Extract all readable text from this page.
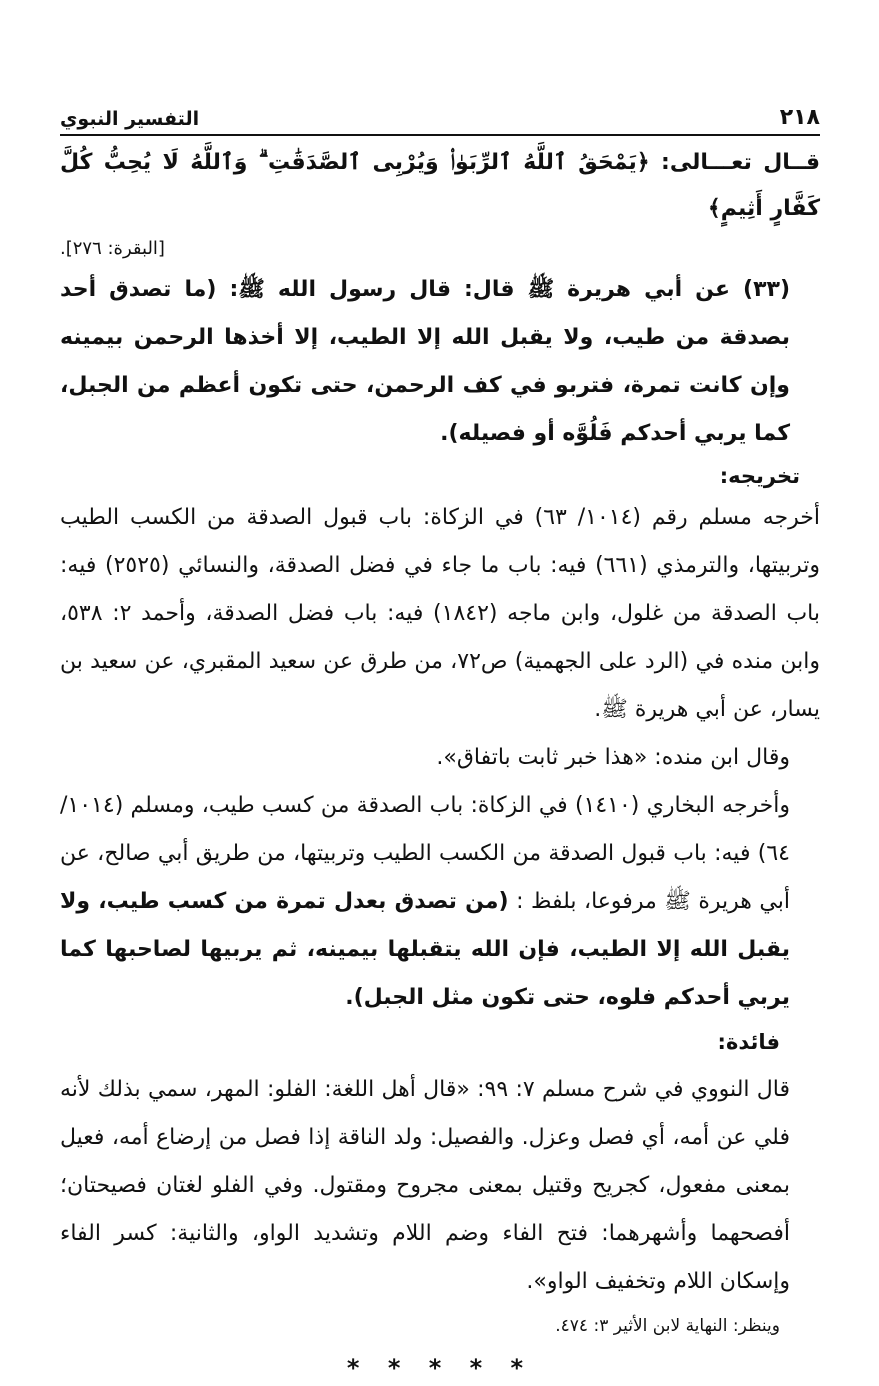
٢١٨
التفسير النبوي

قــال تعـــالى: ﴿يَمْحَقُ ٱللَّهُ ٱلرِّبَوٰا۟ وَيُرْبِى ٱلصَّدَقَٰتِ ۗ وَٱللَّهُ لَا يُحِبُّ كُلَّ كَفَّارٍ أَثِيمٍ﴾

[البقرة: ٢٧٦].

(٣٣) عن أبي هريرة ﷺ قال: قال رسول الله ﷺ: (ما تصدق أحد بصدقة من طيب، ولا يقبل الله إلا الطيب، إلا أخذها الرحمن بيمينه وإن كانت تمرة، فتربو في كف الرحمن، حتى تكون أعظم من الجبل، كما يربي أحدكم فَلُوَّه أو فصيله).

تخريجه:

أخرجه مسلم رقم (١٠١٤/ ٦٣) في الزكاة: باب قبول الصدقة من الكسب الطيب وتربيتها، والترمذي (٦٦١) فيه: باب ما جاء في فضل الصدقة، والنسائي (٢٥٢٥) فيه: باب الصدقة من غلول، وابن ماجه (١٨٤٢) فيه: باب فضل الصدقة، وأحمد ٢: ٥٣٨، وابن منده في (الرد على الجهمية) ص٧٢، من طرق عن سعيد المقبري، عن سعيد بن يسار، عن أبي هريرة ﷺ.

وقال ابن منده: «هذا خبر ثابت باتفاق».

وأخرجه البخاري (١٤١٠) في الزكاة: باب الصدقة من كسب طيب، ومسلم (١٠١٤/ ٦٤) فيه: باب قبول الصدقة من الكسب الطيب وتربيتها، من طريق أبي صالح، عن أبي هريرة ﷺ مرفوعا، بلفظ : (من تصدق بعدل تمرة من كسب طيب، ولا يقبل الله إلا الطيب، فإن الله يتقبلها بيمينه، ثم يربيها لصاحبها كما يربي أحدكم فلوه، حتى تكون مثل الجبل).

فائدة:

قال النووي في شرح مسلم ٧: ٩٩: «قال أهل اللغة: الفلو: المهر، سمي بذلك لأنه فلي عن أمه، أي فصل وعزل. والفصيل: ولد الناقة إذا فصل من إرضاع أمه، فعيل بمعنى مفعول، كجريح وقتيل بمعنى مجروح ومقتول. وفي الفلو لغتان فصيحتان؛ أفصحهما وأشهرهما: فتح الفاء وضم اللام وتشديد الواو، والثانية: كسر الفاء وإسكان اللام وتخفيف الواو».

وينظر: النهاية لابن الأثير ٣: ٤٧٤.

* * * * *
